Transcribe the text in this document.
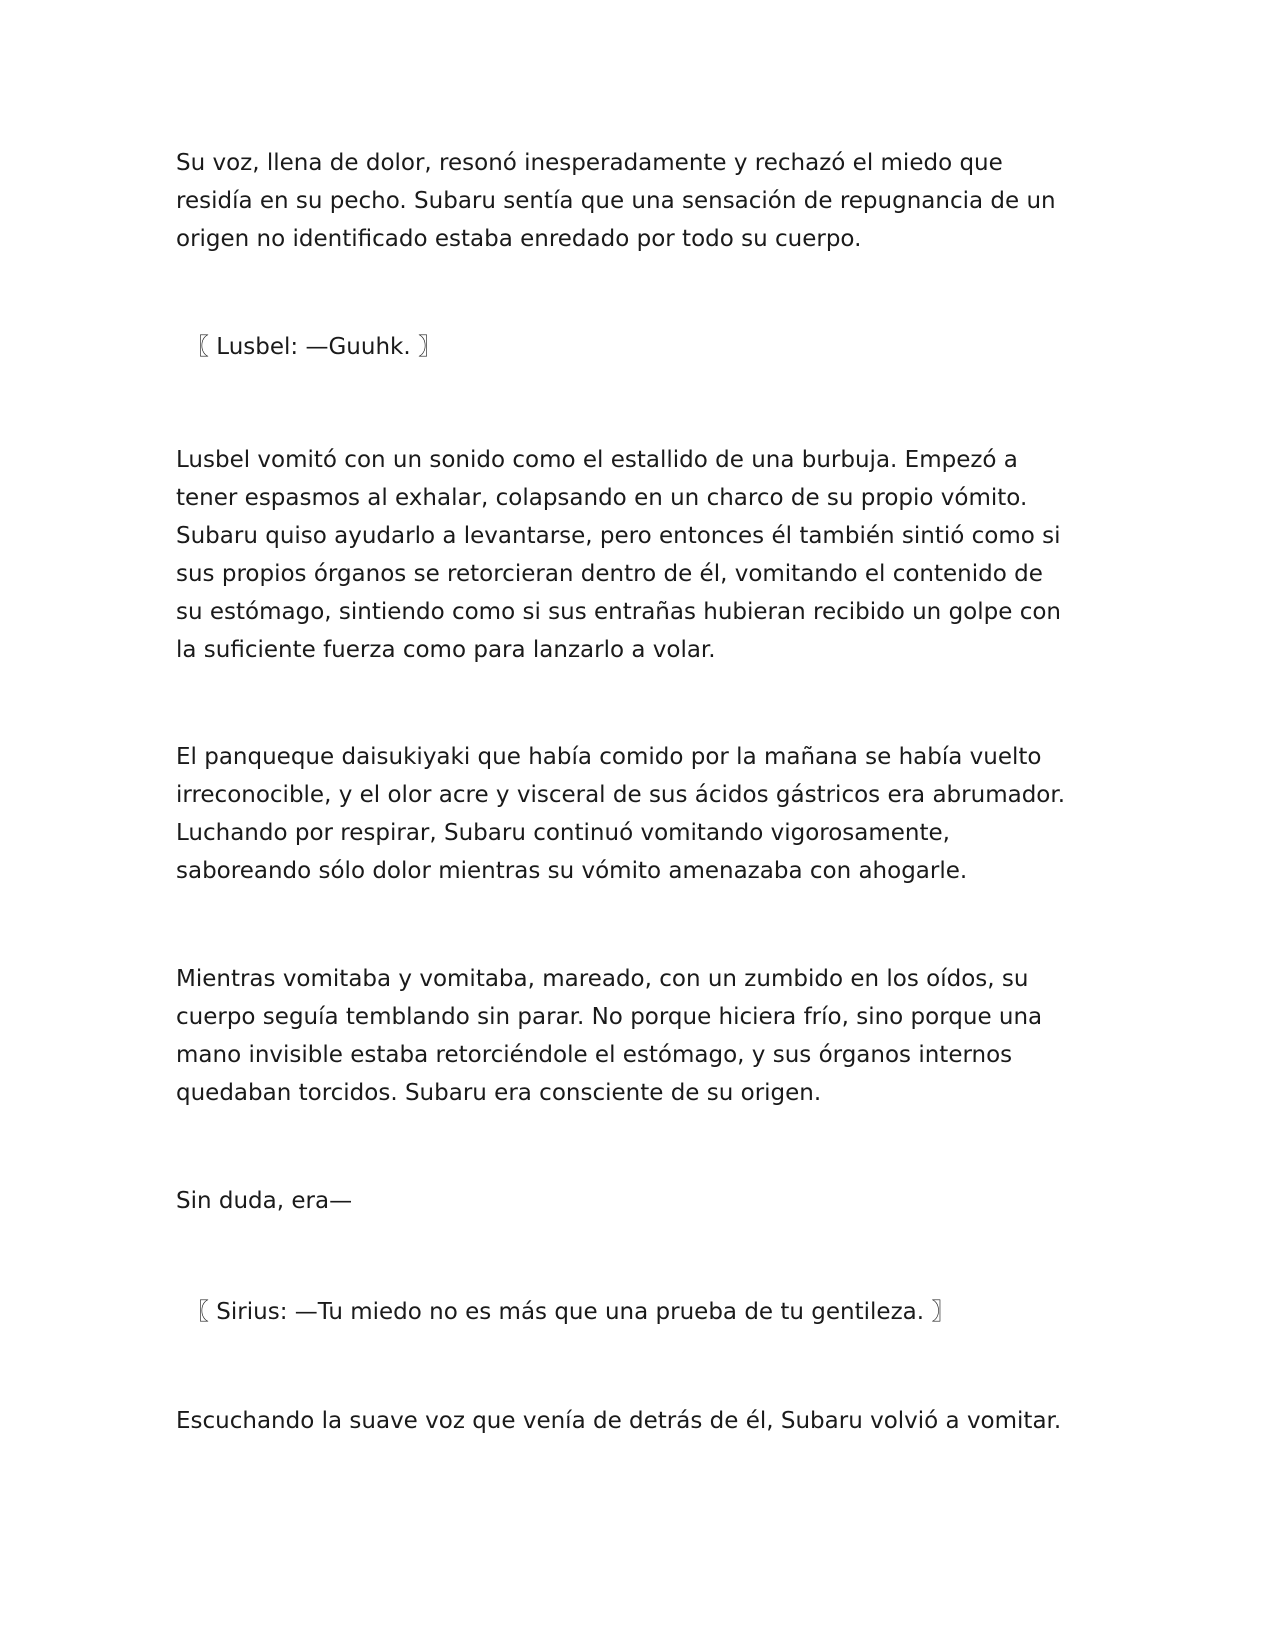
Su voz, llena de dolor, resonó inesperadamente y rechazó el miedo que
residía en su pecho. Subaru sentía que una sensación de repugnancia de un
origen no identificado estaba enredado por todo su cuerpo.

〖 Lusbel: —Guuhk. 〗

Lusbel vomitó con un sonido como el estallido de una burbuja. Empezó a
tener espasmos al exhalar, colapsando en un charco de su propio vómito.
Subaru quiso ayudarlo a levantarse, pero entonces él también sintió como si
sus propios órganos se retorcieran dentro de él, vomitando el contenido de
su estómago, sintiendo como si sus entrañas hubieran recibido un golpe con
la suficiente fuerza como para lanzarlo a volar.

El panqueque daisukiyaki que había comido por la mañana se había vuelto
irreconocible, y el olor acre y visceral de sus ácidos gástricos era abrumador.
Luchando por respirar, Subaru continuó vomitando vigorosamente,
saboreando sólo dolor mientras su vómito amenazaba con ahogarle.

Mientras vomitaba y vomitaba, mareado, con un zumbido en los oídos, su
cuerpo seguía temblando sin parar. No porque hiciera frío, sino porque una
mano invisible estaba retorciéndole el estómago, y sus órganos internos
quedaban torcidos. Subaru era consciente de su origen.

Sin duda, era—

〖 Sirius: —Tu miedo no es más que una prueba de tu gentileza. 〗

Escuchando la suave voz que venía de detrás de él, Subaru volvió a vomitar.
